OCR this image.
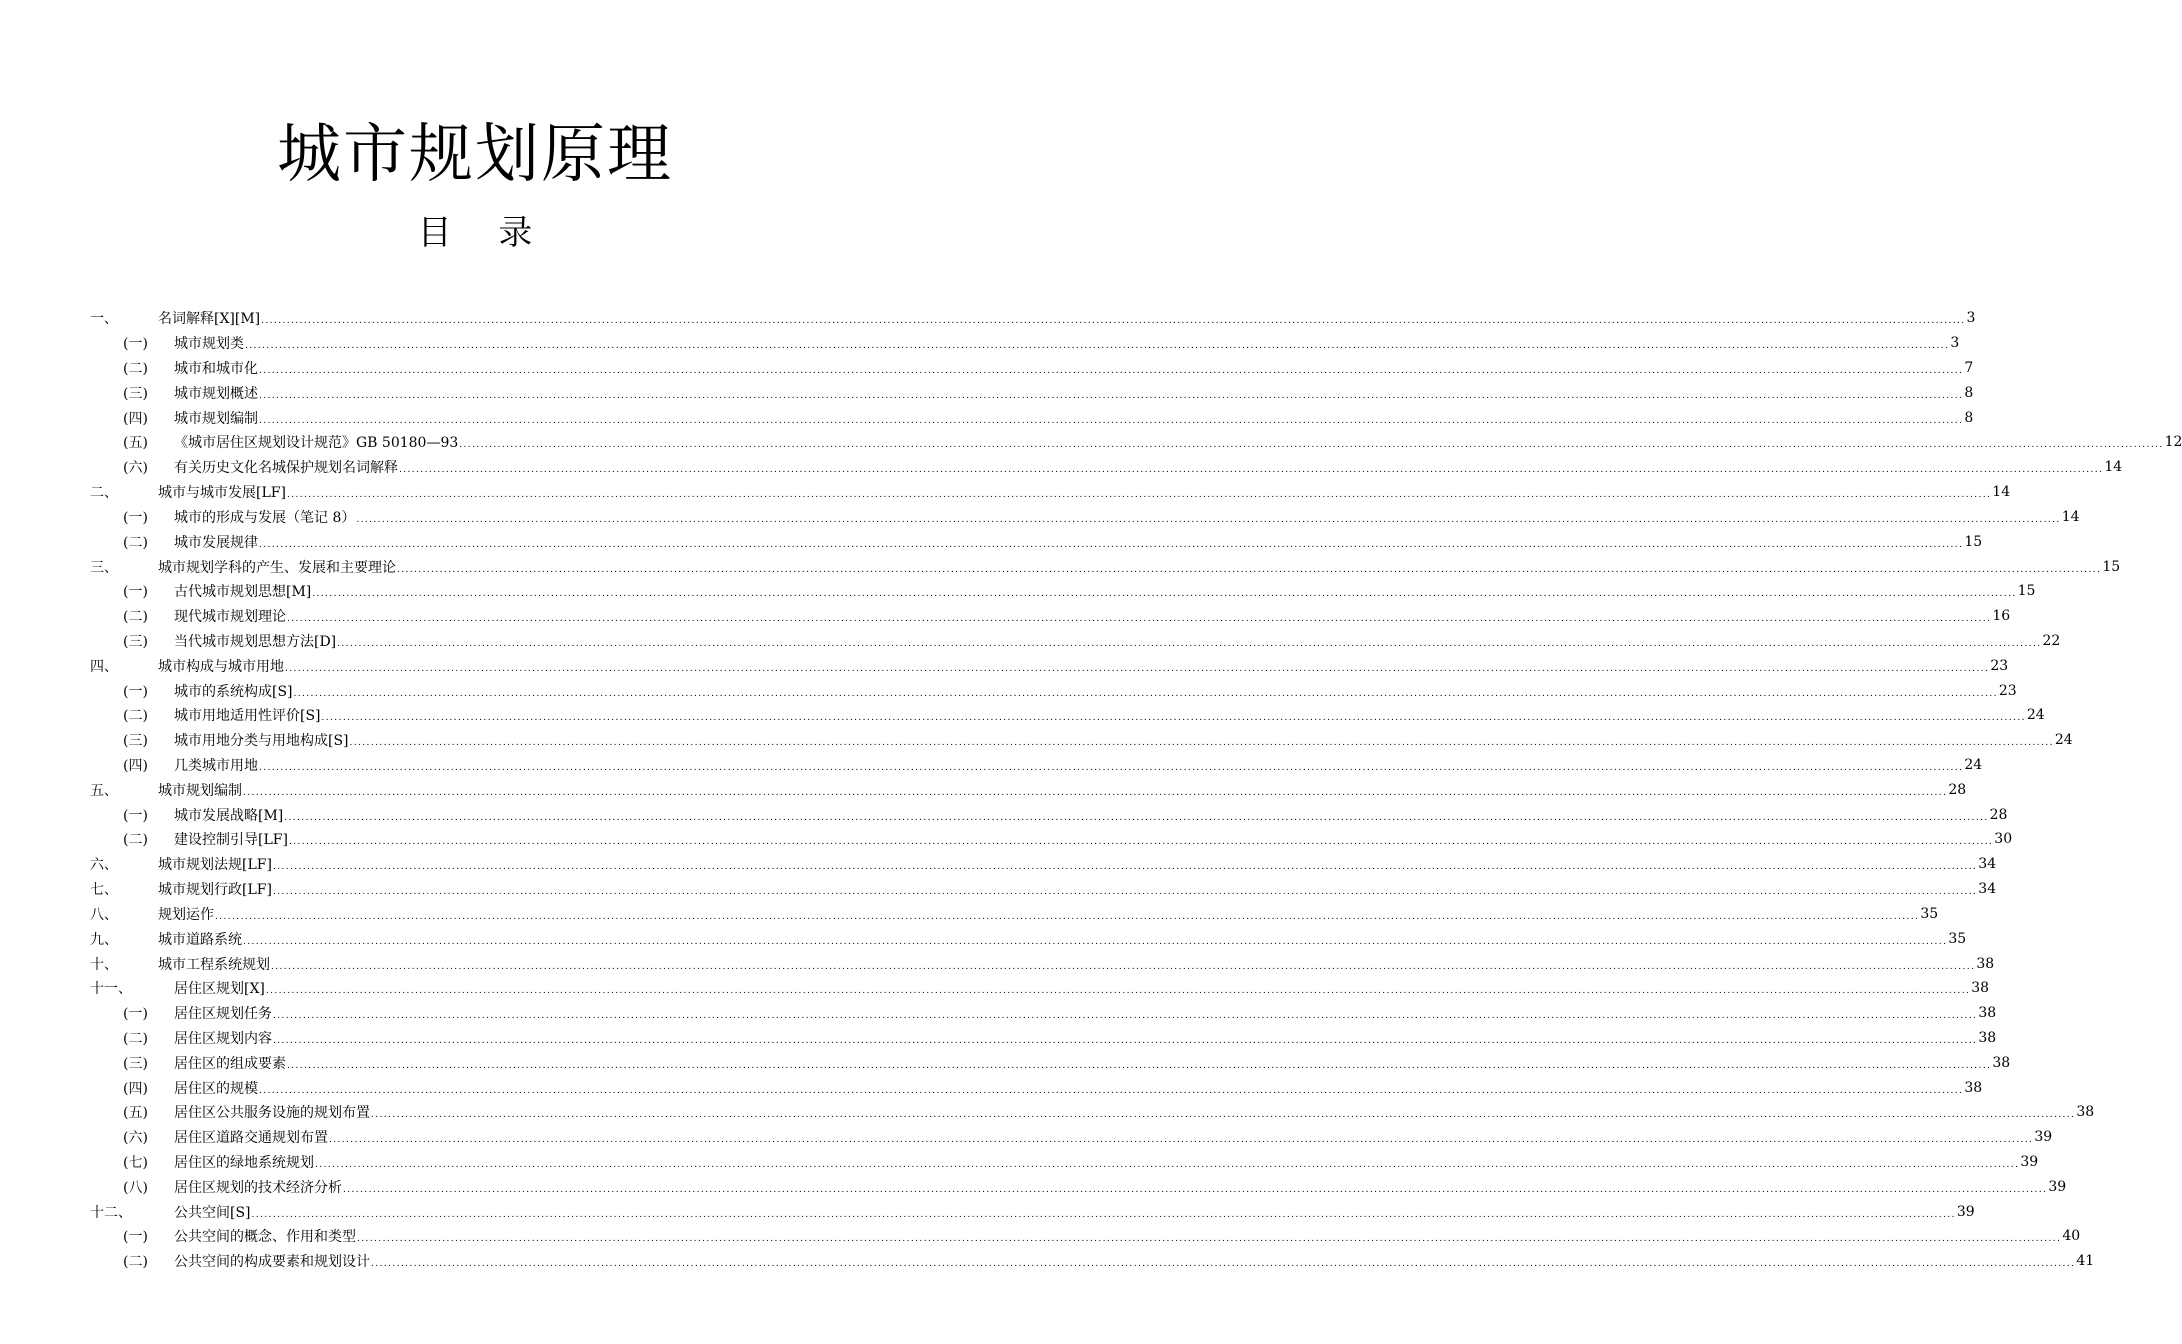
城市规划原理
目 录
一、	名词解释[X][M] ................................................................................................................................................................................................................................................................................................................................................................................................................ 3
(一)	城市规划类 ................................................................................................................................................................................................................................................................................................................................................................................................................ 3
(二)	城市和城市化 ................................................................................................................................................................................................................................................................................................................................................................................................................ 7
(三)	城市规划概述 ................................................................................................................................................................................................................................................................................................................................................................................................................ 8
(四)	城市规划编制 ................................................................................................................................................................................................................................................................................................................................................................................................................ 8
(五)	《城市居住区规划设计规范》GB 50180—93 ................................................................................................................................................................................................................................................................................................................................................................................................................ 12
(六)	有关历史文化名城保护规划名词解释 ................................................................................................................................................................................................................................................................................................................................................................................................................ 14
二、	城市与城市发展[LF] ................................................................................................................................................................................................................................................................................................................................................................................................................ 14
(一)	城市的形成与发展（笔记 8） ................................................................................................................................................................................................................................................................................................................................................................................................................ 14
(二)	城市发展规律 ................................................................................................................................................................................................................................................................................................................................................................................................................ 15
三、	城市规划学科的产生、发展和主要理论 ................................................................................................................................................................................................................................................................................................................................................................................................................ 15
(一)	古代城市规划思想[M] ................................................................................................................................................................................................................................................................................................................................................................................................................ 15
(二)	现代城市规划理论 ................................................................................................................................................................................................................................................................................................................................................................................................................ 16
(三)	当代城市规划思想方法[D] ................................................................................................................................................................................................................................................................................................................................................................................................................ 22
四、	城市构成与城市用地 ................................................................................................................................................................................................................................................................................................................................................................................................................ 23
(一)	城市的系统构成[S] ................................................................................................................................................................................................................................................................................................................................................................................................................ 23
(二)	城市用地适用性评价[S] ................................................................................................................................................................................................................................................................................................................................................................................................................ 24
(三)	城市用地分类与用地构成[S] ................................................................................................................................................................................................................................................................................................................................................................................................................ 24
(四)	几类城市用地 ................................................................................................................................................................................................................................................................................................................................................................................................................ 24
五、	城市规划编制 ................................................................................................................................................................................................................................................................................................................................................................................................................ 28
(一)	城市发展战略[M] ................................................................................................................................................................................................................................................................................................................................................................................................................ 28
(二)	建设控制引导[LF] ................................................................................................................................................................................................................................................................................................................................................................................................................ 30
六、	城市规划法规[LF] ................................................................................................................................................................................................................................................................................................................................................................................................................ 34
七、	城市规划行政[LF] ................................................................................................................................................................................................................................................................................................................................................................................................................ 34
八、	规划运作 ................................................................................................................................................................................................................................................................................................................................................................................................................ 35
九、	城市道路系统 ................................................................................................................................................................................................................................................................................................................................................................................................................ 35
十、	城市工程系统规划 ................................................................................................................................................................................................................................................................................................................................................................................................................ 38
十一、	居住区规划[X] ................................................................................................................................................................................................................................................................................................................................................................................................................ 38
(一)	居住区规划任务 ................................................................................................................................................................................................................................................................................................................................................................................................................ 38
(二)	居住区规划内容 ................................................................................................................................................................................................................................................................................................................................................................................................................ 38
(三)	居住区的组成要素 ................................................................................................................................................................................................................................................................................................................................................................................................................ 38
(四)	居住区的规模 ................................................................................................................................................................................................................................................................................................................................................................................................................ 38
(五)	居住区公共服务设施的规划布置 ................................................................................................................................................................................................................................................................................................................................................................................................................ 38
(六)	居住区道路交通规划布置 ................................................................................................................................................................................................................................................................................................................................................................................................................ 39
(七)	居住区的绿地系统规划 ................................................................................................................................................................................................................................................................................................................................................................................................................ 39
(八)	居住区规划的技术经济分析 ................................................................................................................................................................................................................................................................................................................................................................................................................ 39
十二、	公共空间[S] ................................................................................................................................................................................................................................................................................................................................................................................................................ 39
(一)	公共空间的概念、作用和类型 ................................................................................................................................................................................................................................................................................................................................................................................................................ 40
(二)	公共空间的构成要素和规划设计 ................................................................................................................................................................................................................................................................................................................................................................................................................ 41
